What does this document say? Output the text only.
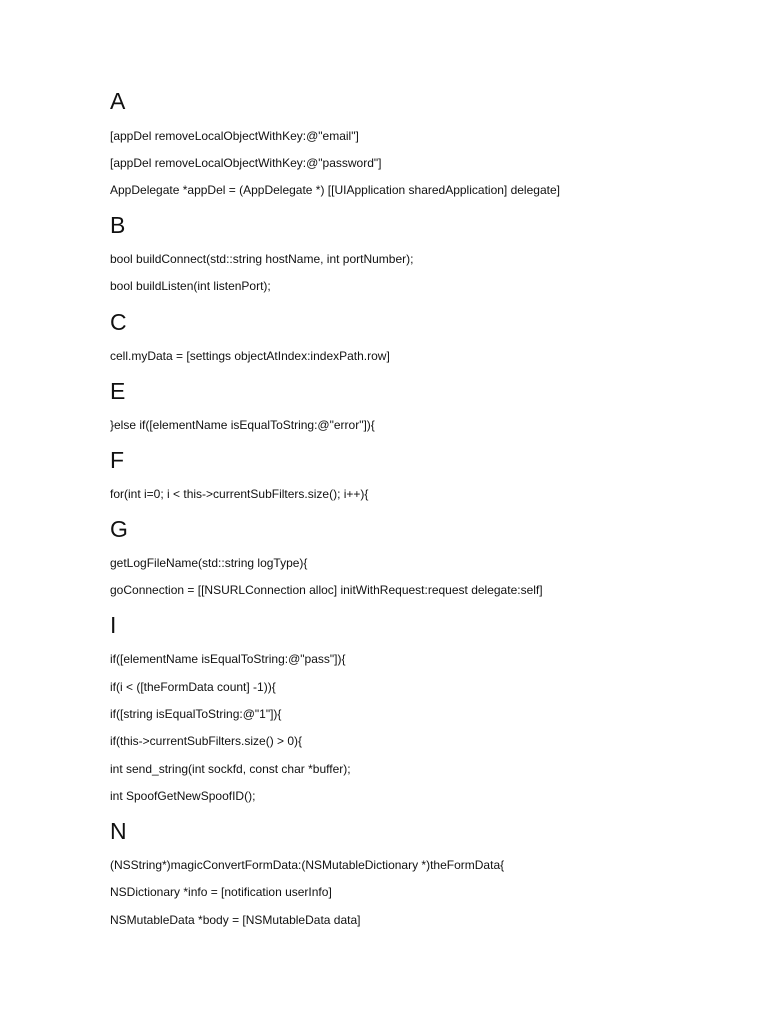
A
[appDel removeLocalObjectWithKey:@"email"]
[appDel removeLocalObjectWithKey:@"password"]
AppDelegate *appDel = (AppDelegate *) [[UIApplication sharedApplication] delegate]
B
bool buildConnect(std::string hostName, int portNumber);
bool buildListen(int listenPort);
C
cell.myData = [settings objectAtIndex:indexPath.row]
E
}else if([elementName isEqualToString:@"error"]){
F
for(int i=0; i < this->currentSubFilters.size(); i++){
G
getLogFileName(std::string logType){
goConnection = [[NSURLConnection alloc] initWithRequest:request delegate:self]
I
if([elementName isEqualToString:@"pass"]){
if(i < ([theFormData count] -1)){
if([string isEqualToString:@"1"]){
if(this->currentSubFilters.size() > 0){
int send_string(int sockfd, const char *buffer);
int SpoofGetNewSpoofID();
N
(NSString*)magicConvertFormData:(NSMutableDictionary *)theFormData{
NSDictionary *info = [notification userInfo]
NSMutableData *body = [NSMutableData data]
